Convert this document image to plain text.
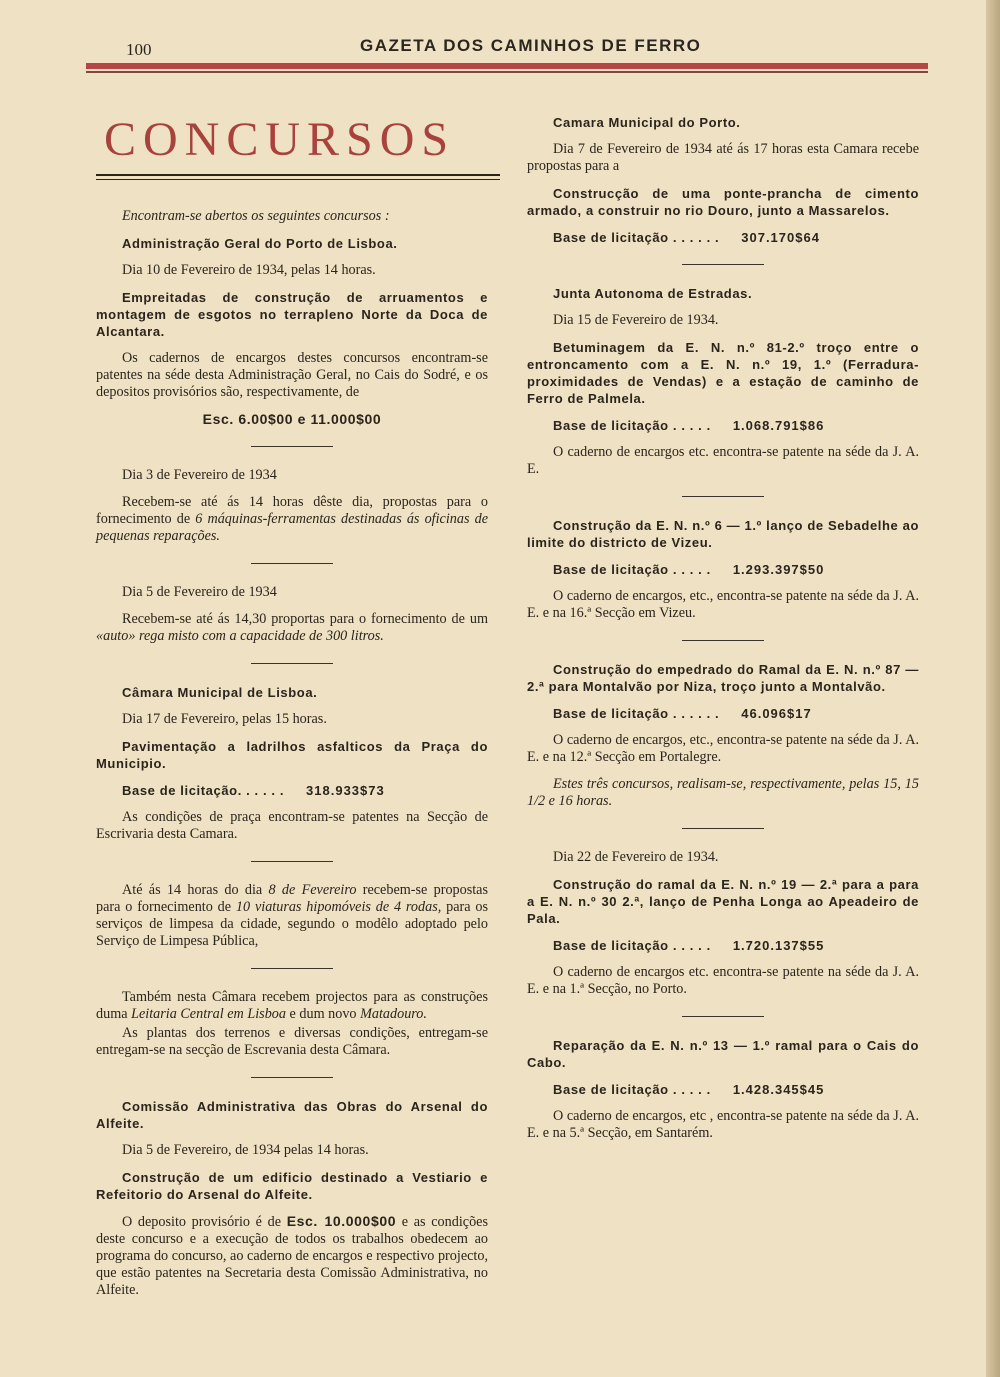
100	GAZETA DOS CAMINHOS DE FERRO
CONCURSOS

Encontram-se abertos os seguintes concursos :

Administração Geral do Porto de Lisboa.

Dia 10 de Fevereiro de 1934, pelas 14 horas.

Empreitadas de construção de arruamentos e montagem de esgotos no terrapleno Norte da Doca de Alcantara.

Os cadernos de encargos destes concursos encontram-se patentes na séde desta Administração Geral, no Cais do Sodré, e os depositos provisórios são, respectivamente, de

Esc. 6.00$00 e 11.000$00

Dia 3 de Fevereiro de 1934

Recebem-se até ás 14 horas dêste dia, propostas para o fornecimento de 6 máquinas-ferramentas destinadas ás oficinas de pequenas reparações.

Dia 5 de Fevereiro de 1934

Recebem-se até ás 14,30 proportas para o fornecimento de um «auto» rega misto com a capacidade de 300 litros.

Câmara Municipal de Lisboa.

Dia 17 de Fevereiro, pelas 15 horas.

Pavimentação a ladrilhos asfalticos da Praça do Municipio.

Base de licitação. . . . . . 318.933$73

As condições de praça encontram-se patentes na Secção de Escrivaria desta Camara.

Até ás 14 horas do dia 8 de Fevereiro recebem-se propostas para o fornecimento de 10 viaturas hipomóveis de 4 rodas, para os serviços de limpesa da cidade, segundo o modêlo adoptado pelo Serviço de Limpesa Pública,

Também nesta Câmara recebem projectos para as construções duma Leitaria Central em Lisboa e dum novo Matadouro.

As plantas dos terrenos e diversas condições, entregam-se entregam-se na secção de Escrevania desta Câmara.

Comissão Administrativa das Obras do Arsenal do Alfeite.

Dia 5 de Fevereiro, de 1934 pelas 14 horas.

Construção de um edificio destinado a Vestiario e Refeitorio do Arsenal do Alfeite.

O deposito provisório é de Esc. 10.000$00 e as condições deste concurso e a execução de todos os trabalhos obedecem ao programa do concurso, ao caderno de encargos e respectivo projecto, que estão patentes na Secretaria desta Comissão Administrativa, no Alfeite.

Camara Municipal do Porto.

Dia 7 de Fevereiro de 1934 até ás 17 horas esta Camara recebe propostas para a

Construcção de uma ponte-prancha de cimento armado, a construir no rio Douro, junto a Massarelos.

Base de licitação . . . . . . 307.170$64

Junta Autonoma de Estradas.

Dia 15 de Fevereiro de 1934.

Betuminagem da E. N. n.º 81-2.º troço entre o entroncamento com a E. N. n.º 19, 1.º (Ferradura-proximidades de Vendas) e a estação de caminho de Ferro de Palmela.

Base de licitação . . . . . 1.068.791$86

O caderno de encargos etc. encontra-se patente na séde da J. A. E.

Construção da E. N. n.º 6 — 1.º lanço de Sebadelhe ao limite do districto de Vizeu.

Base de licitação . . . . . 1.293.397$50

O caderno de encargos, etc., encontra-se patente na séde da J. A. E. e na 16.ª Secção em Vizeu.

Construção do empedrado do Ramal da E. N. n.º 87 — 2.ª para Montalvão por Niza, troço junto a Montalvão.

Base de licitação . . . . . . 46.096$17

O caderno de encargos, etc., encontra-se patente na séde da J. A. E. e na 12.ª Secção em Portalegre.

Estes três concursos, realisam-se, respectivamente, pelas 15, 15 1/2 e 16 horas.

Dia 22 de Fevereiro de 1934.

Construção do ramal da E. N. n.º 19 — 2.ª para a para a E. N. n.º 30 2.ª, lanço de Penha Longa ao Apeadeiro de Pala.

Base de licitação . . . . . 1.720.137$55

O caderno de encargos etc. encontra-se patente na séde da J. A. E. e na 1.ª Secção, no Porto.

Reparação da E. N. n.º 13 — 1.º ramal para o Cais do Cabo.

Base de licitação . . . . . 1.428.345$45

O caderno de encargos, etc , encontra-se patente na séde da J. A. E. e na 5.ª Secção, em Santarém.
